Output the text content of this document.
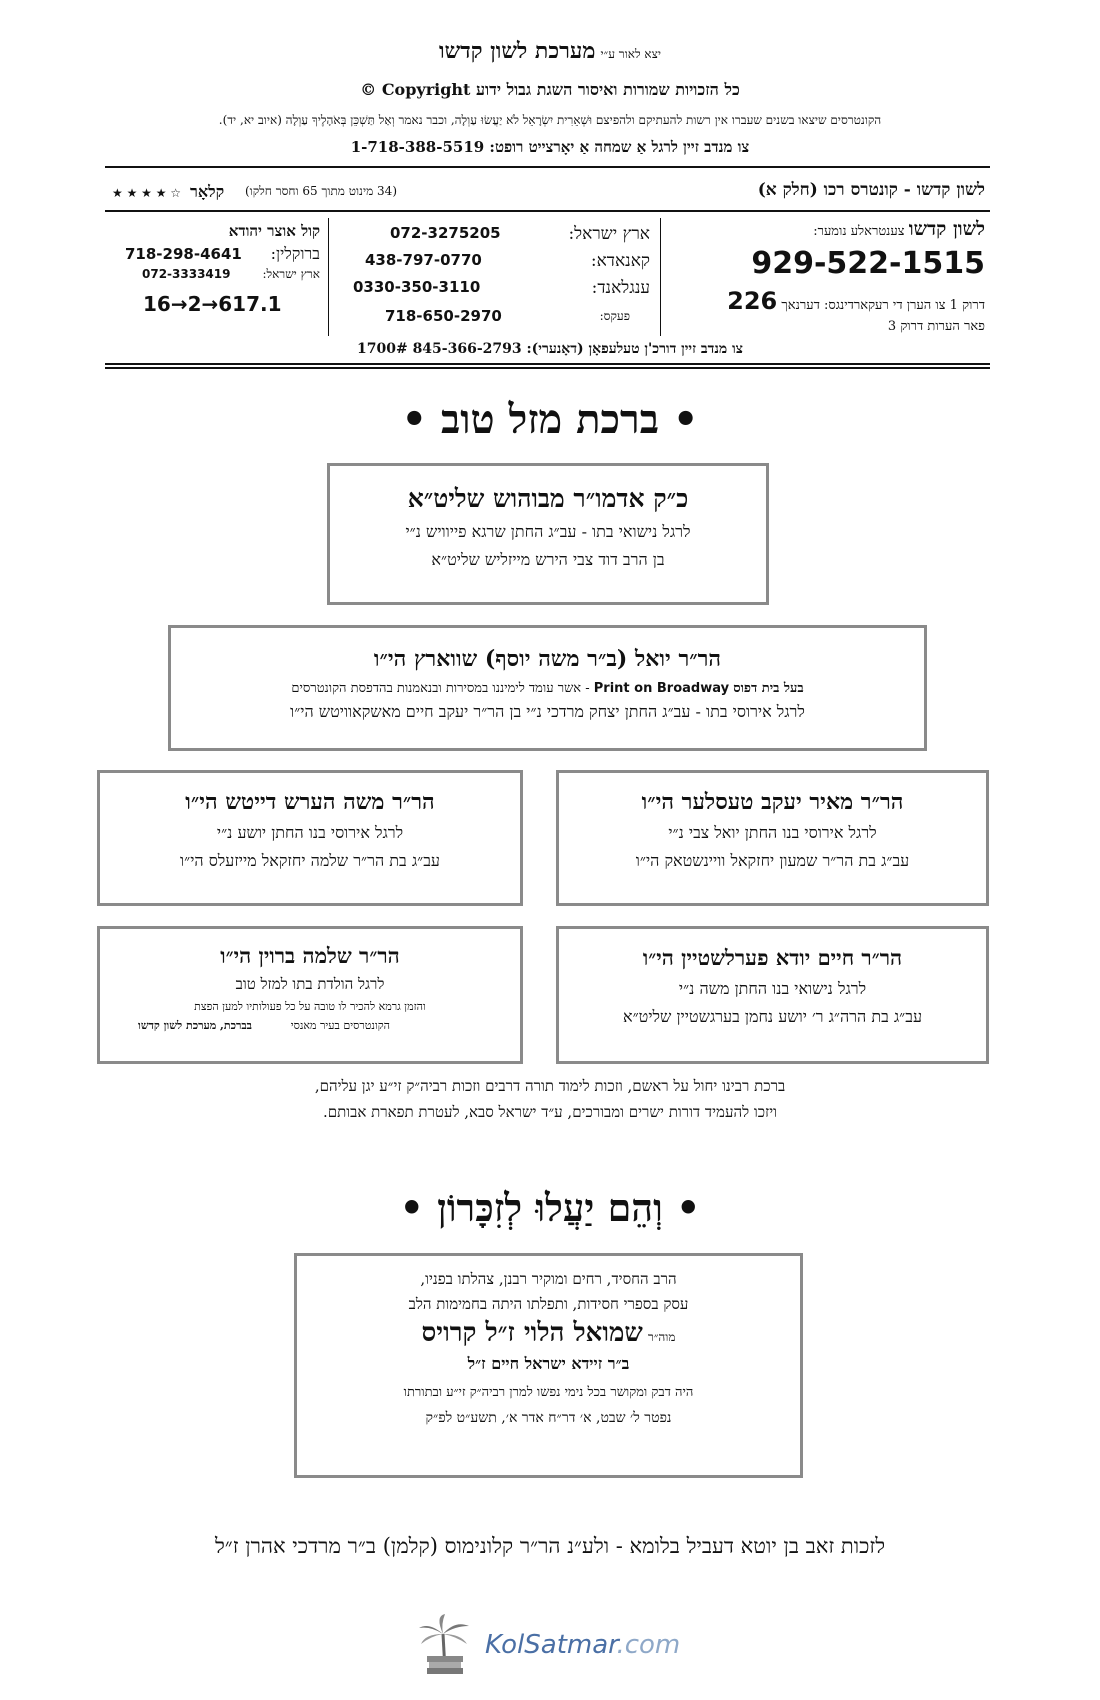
יצא לאור ע״י מערכת לשון קדשו
כל הזכויות שמורות ואיסור השגת גבול ידוע Copyright ©
הקונטרסים שיצאו בשנים שעברו אין רשות להעתיקם ולהפיצם וּשְׁאֵרִית יִשְׂרָאֵל לֹא יַעֲשׂוּ עַוְלָה, וכבר נאמר וְאַל תַּשְׁכֵּן בְּאֹהָלֶיךָ עַוְלָה (איוב יא, יד).
צו מנדב זיין לרגל אַ שמחה אַ יאָרצייט רופט: 1-718-388-5519
לשון קדשו - קונטרס רכו (חלק א)
(34 מינוט מתוך 65 וחסר חלקו)
קלאָר
★ ★ ★ ★ ☆
לשון קדשו צענטראלע נומער:
929-522-1515
דרוק 1 צו הערן די רעקארדינגס: דערנאך 226
פאר הערות דרוק 3
ארץ ישראל:
072-3275205
קאנאדא:
438-797-0770
ענגלאנד:
0330-350-3110
פעקס:
718-650-2970
קול אוצר יהודא
ברוקלין:
718-298-4641
ארץ ישראל:
072-3333419
16→2→617.1
צו מנדב זיין דורכ'ן טעלעפאָן (דאָנערי): 845-366-2793 1700#
• ברכת מזל טוב •
כ״ק אדמו״ר מבוהוש שליט״א
לרגל נישואי בתו - עב״ג החתן שרגא פייוויש נ״י
בן הרב דוד צבי הירש מייזליש שליט״א
הר״ר יואל (ב״ר משה יוסף) שווארץ הי״ו
בעל בית דפוס Print on Broadway - אשר עומד לימיננו במסירות ובנאמנות בהדפסת הקונטרסים
לרגל אירוסי בתו - עב״ג החתן יצחק מרדכי נ״י בן הר״ר יעקב חיים מאשקאוויטש הי״ו
הר״ר מאיר יעקב טעסלער הי״ו
לרגל אירוסי בנו החתן יואל צבי נ״י
עב״ג בת הר״ר שמעון יחזקאל וויינשטאק הי״ו
הר״ר משה הערש דייטש הי״ו
לרגל אירוסי בנו החתן יושע נ״י
עב״ג בת הר״ר שלמה יחזקאל מייזעלס הי״ו
הר״ר חיים יודא פערלשטיין הי״ו
לרגל נישואי בנו החתן משה נ״י
עב״ג בת הרה״ג ר׳ יושע נחמן בערגשטיין שליט״א
הר״ר שלמה ברוין הי״ו
לרגל הולדת בתו למזל טוב
והזמן גרמא להכיר לו טובה על כל פעולותיו למען הפצת
הקונטרסים בעיר מאנסי
בברכת, מערכת לשון קדשו
ברכת רבינו יחול על ראשם, וזכות לימוד תורה דרבים וזכות רביה״ק זי״ע יגן עליהם,
ויזכו להעמיד דורות ישרים ומבורכים, ע״ד ישראל סבא, לעטרת תפארת אבותם.
• וְהֵם יַעֲלוּ לְזִכָּרוֹן •
הרב החסיד, רחים ומוקיר רבנן, צהלתו בפניו,
עסק בספרי חסידות, ותפלתו היתה בחמימות הלב
מוה״ר שמואל הלוי ז״ל קרויס
ב״ר זיידא ישראל חיים ז״ל
היה דבק ומקושר בכל נימי נפשו למרן רביה״ק זי״ע ובתורתו
נפטר ל׳ שבט, א׳ דר״ח אדר א׳, תשע״ט לפ״ק
לזכות זאב בן יוטא דעביל בלומא - ולע״נ הר״ר קלונימוס (קלמן) ב״ר מרדכי אהרן ז״ל
KolSatmar.com
